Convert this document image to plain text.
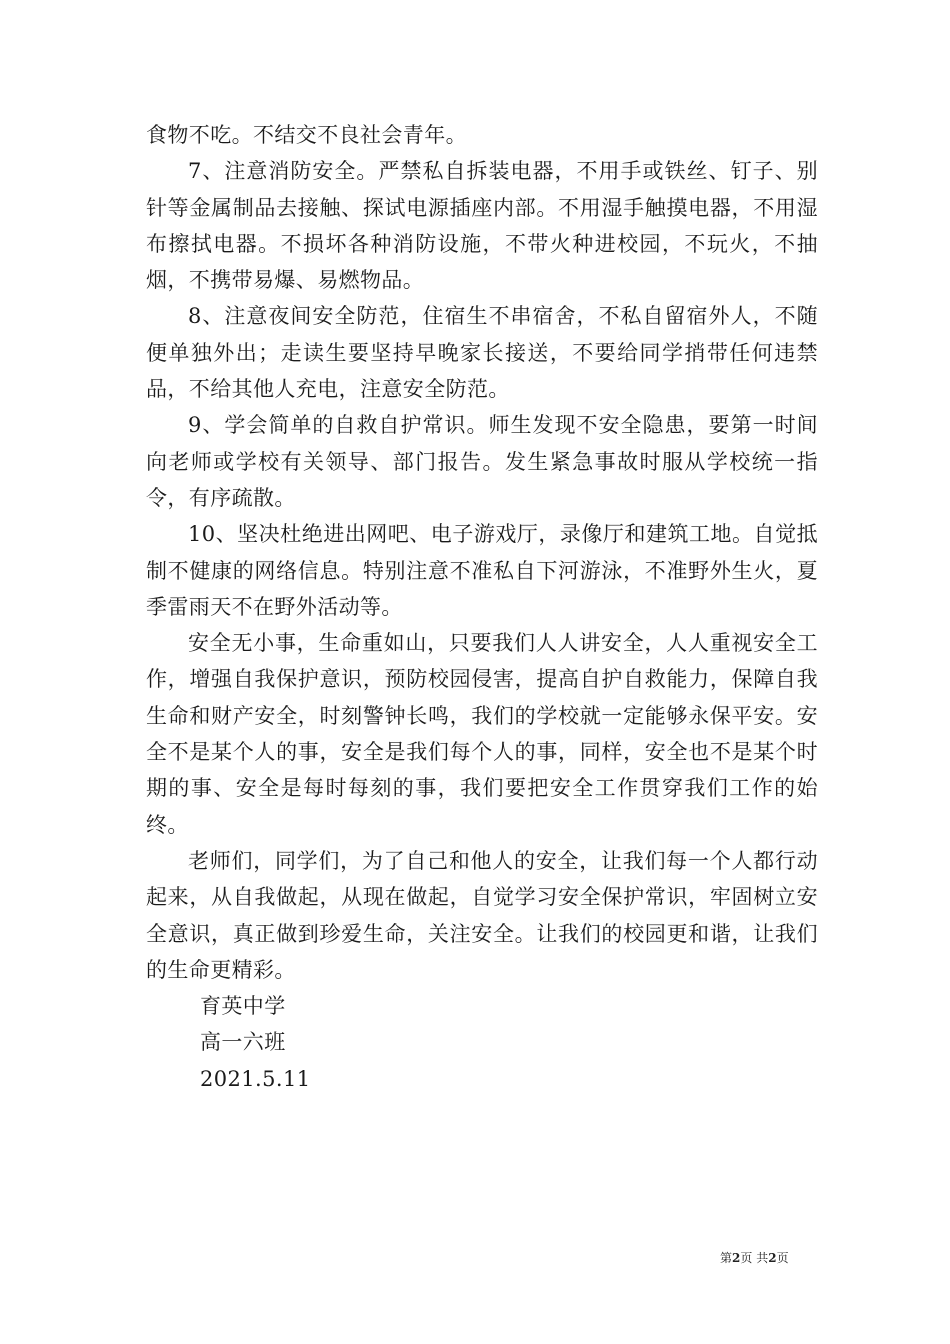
食物不吃。不结交不良社会青年。

7、注意消防安全。严禁私自拆装电器，不用手或铁丝、钉子、别针等金属制品去接触、探试电源插座内部。不用湿手触摸电器，不用湿布擦拭电器。不损坏各种消防设施，不带火种进校园，不玩火，不抽烟，不携带易爆、易燃物品。

8、注意夜间安全防范，住宿生不串宿舍，不私自留宿外人，不随便单独外出；走读生要坚持早晚家长接送，不要给同学捎带任何违禁品，不给其他人充电，注意安全防范。

9、学会简单的自救自护常识。师生发现不安全隐患，要第一时间向老师或学校有关领导、部门报告。发生紧急事故时服从学校统一指令，有序疏散。

10、坚决杜绝进出网吧、电子游戏厅，录像厅和建筑工地。自觉抵制不健康的网络信息。特别注意不准私自下河游泳，不准野外生火，夏季雷雨天不在野外活动等。

安全无小事，生命重如山，只要我们人人讲安全，人人重视安全工作，增强自我保护意识，预防校园侵害，提高自护自救能力，保障自我生命和财产安全，时刻警钟长鸣，我们的学校就一定能够永保平安。安全不是某个人的事，安全是我们每个人的事，同样，安全也不是某个时期的事、安全是每时每刻的事，我们要把安全工作贯穿我们工作的始终。

老师们，同学们，为了自己和他人的安全，让我们每一个人都行动起来，从自我做起，从现在做起，自觉学习安全保护常识，牢固树立安全意识，真正做到珍爱生命，关注安全。让我们的校园更和谐，让我们的生命更精彩。

育英中学

高一六班

2021.5.11

第2页 共2页
